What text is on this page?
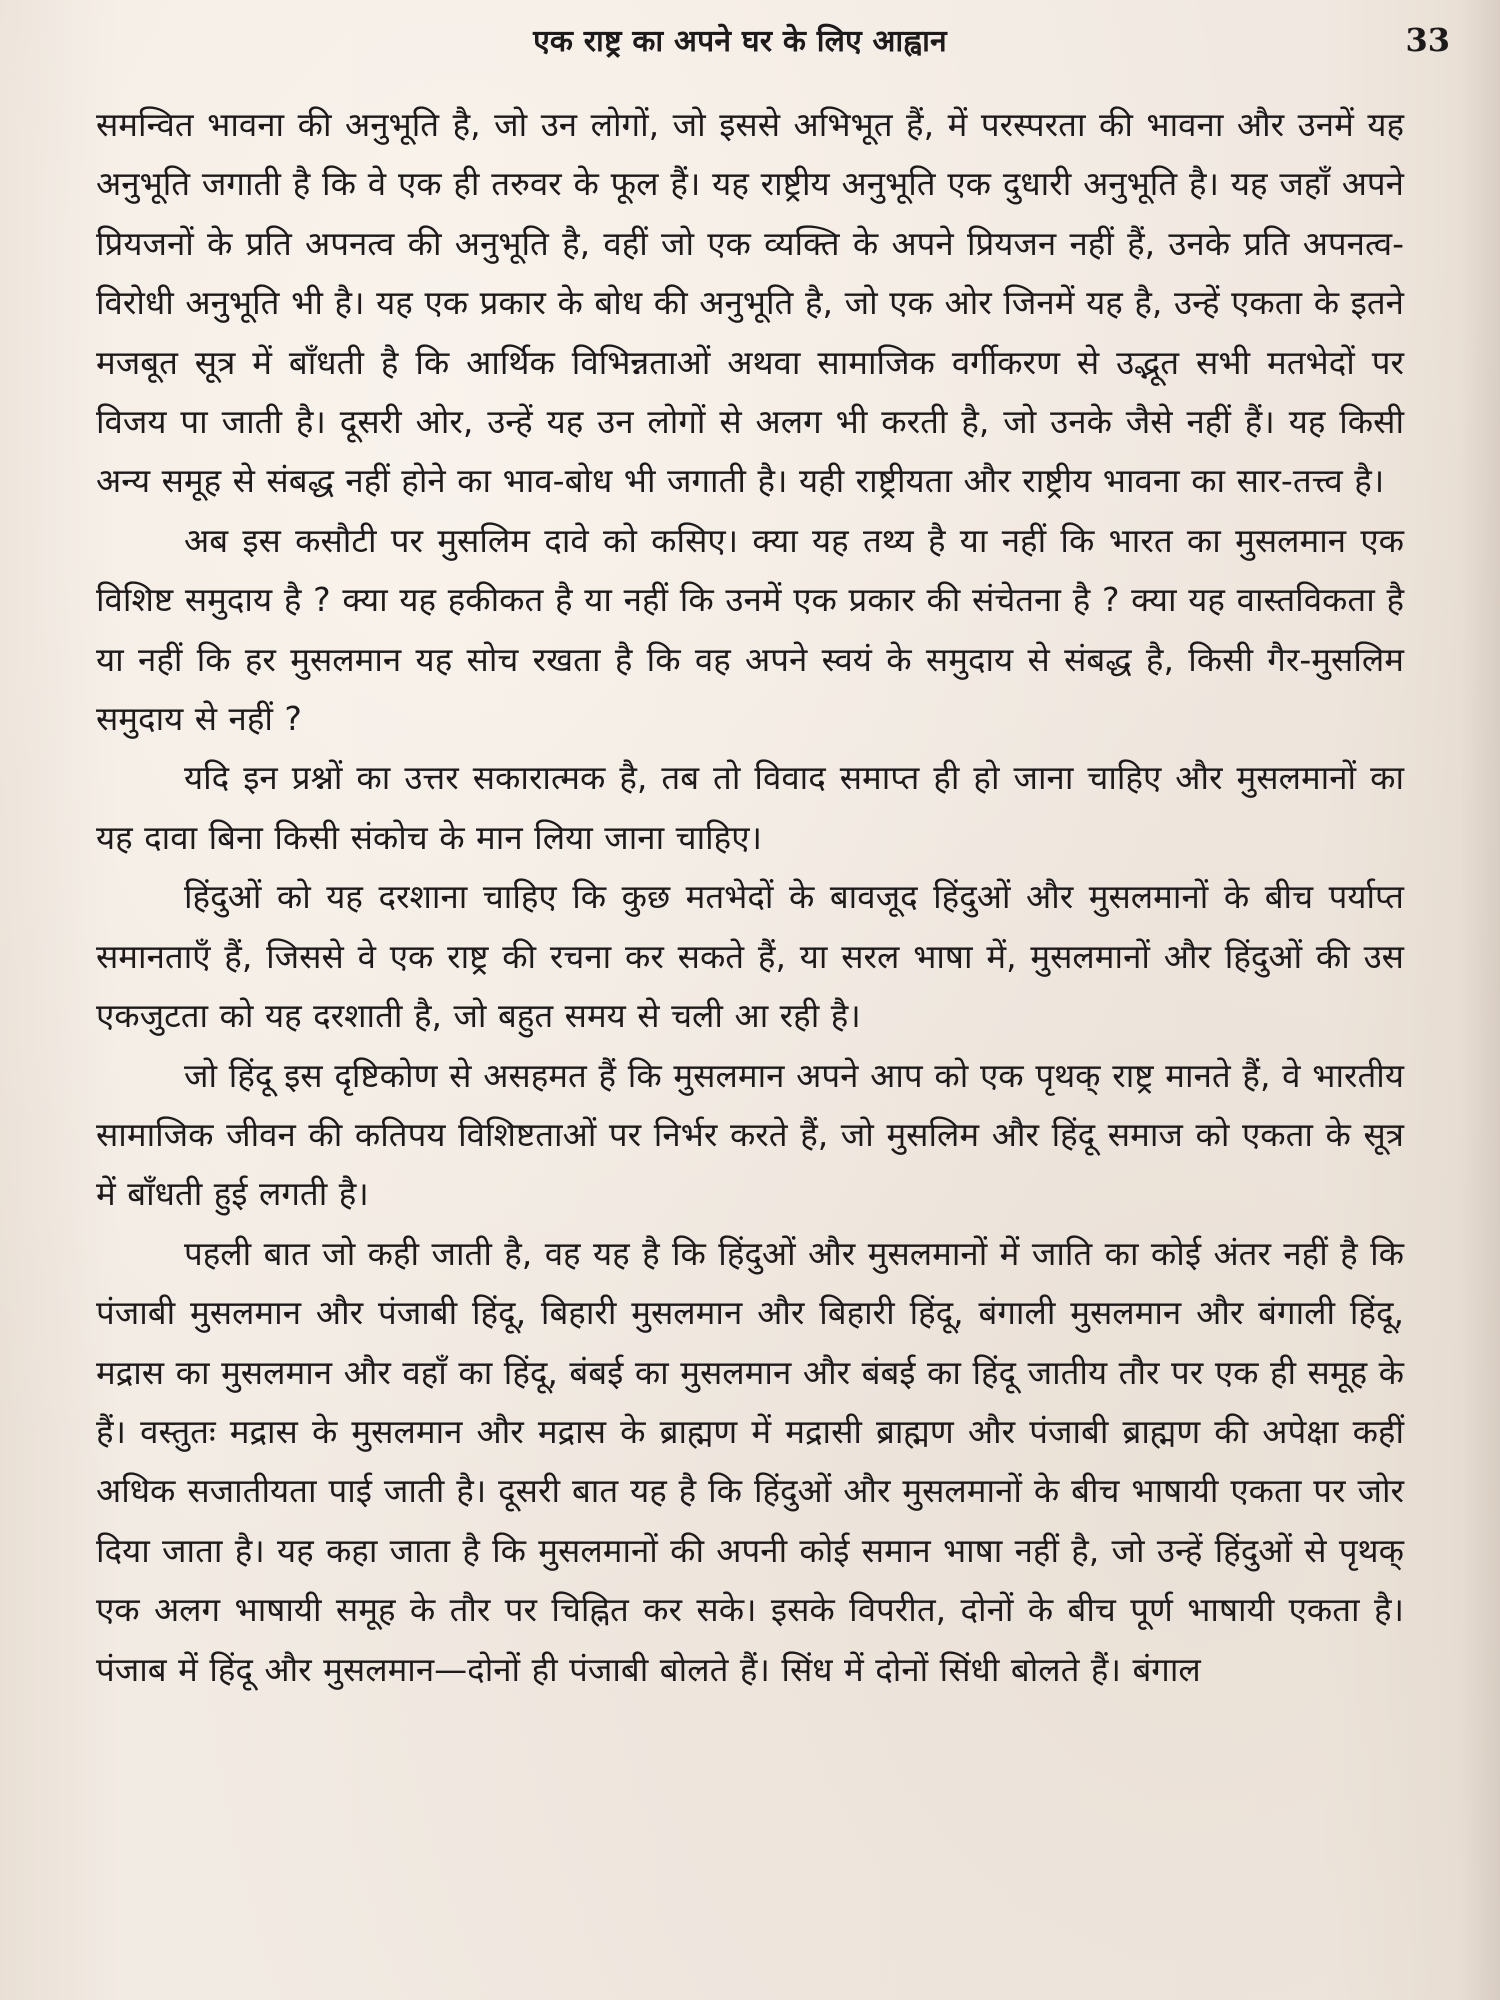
एक राष्ट्र का अपने घर के लिए आह्वान	33

समन्वित भावना की अनुभूति है, जो उन लोगों, जो इससे अभिभूत हैं, में परस्परता की भावना और उनमें यह अनुभूति जगाती है कि वे एक ही तरुवर के फूल हैं। यह राष्ट्रीय अनुभूति एक दुधारी अनुभूति है। यह जहाँ अपने प्रियजनों के प्रति अपनत्व की अनुभूति है, वहीं जो एक व्यक्ति के अपने प्रियजन नहीं हैं, उनके प्रति अपनत्व-विरोधी अनुभूति भी है। यह एक प्रकार के बोध की अनुभूति है, जो एक ओर जिनमें यह है, उन्हें एकता के इतने मजबूत सूत्र में बाँधती है कि आर्थिक विभिन्नताओं अथवा सामाजिक वर्गीकरण से उद्भूत सभी मतभेदों पर विजय पा जाती है। दूसरी ओर, उन्हें यह उन लोगों से अलग भी करती है, जो उनके जैसे नहीं हैं। यह किसी अन्य समूह से संबद्ध नहीं होने का भाव-बोध भी जगाती है। यही राष्ट्रीयता और राष्ट्रीय भावना का सार-तत्त्व है।

अब इस कसौटी पर मुसलिम दावे को कसिए। क्या यह तथ्य है या नहीं कि भारत का मुसलमान एक विशिष्ट समुदाय है ? क्या यह हकीकत है या नहीं कि उनमें एक प्रकार की संचेतना है ? क्या यह वास्तविकता है या नहीं कि हर मुसलमान यह सोच रखता है कि वह अपने स्वयं के समुदाय से संबद्ध है, किसी गैर-मुसलिम समुदाय से नहीं ?

यदि इन प्रश्नों का उत्तर सकारात्मक है, तब तो विवाद समाप्त ही हो जाना चाहिए और मुसलमानों का यह दावा बिना किसी संकोच के मान लिया जाना चाहिए।

हिंदुओं को यह दरशाना चाहिए कि कुछ मतभेदों के बावजूद हिंदुओं और मुसलमानों के बीच पर्याप्त समानताएँ हैं, जिससे वे एक राष्ट्र की रचना कर सकते हैं, या सरल भाषा में, मुसलमानों और हिंदुओं की उस एकजुटता को यह दरशाती है, जो बहुत समय से चली आ रही है।

जो हिंदू इस दृष्टिकोण से असहमत हैं कि मुसलमान अपने आप को एक पृथक् राष्ट्र मानते हैं, वे भारतीय सामाजिक जीवन की कतिपय विशिष्टताओं पर निर्भर करते हैं, जो मुसलिम और हिंदू समाज को एकता के सूत्र में बाँधती हुई लगती है।

पहली बात जो कही जाती है, वह यह है कि हिंदुओं और मुसलमानों में जाति का कोई अंतर नहीं है कि पंजाबी मुसलमान और पंजाबी हिंदू, बिहारी मुसलमान और बिहारी हिंदू, बंगाली मुसलमान और बंगाली हिंदू, मद्रास का मुसलमान और वहाँ का हिंदू, बंबई का मुसलमान और बंबई का हिंदू जातीय तौर पर एक ही समूह के हैं। वस्तुतः मद्रास के मुसलमान और मद्रास के ब्राह्मण में मद्रासी ब्राह्मण और पंजाबी ब्राह्मण की अपेक्षा कहीं अधिक सजातीयता पाई जाती है। दूसरी बात यह है कि हिंदुओं और मुसलमानों के बीच भाषायी एकता पर जोर दिया जाता है। यह कहा जाता है कि मुसलमानों की अपनी कोई समान भाषा नहीं है, जो उन्हें हिंदुओं से पृथक् एक अलग भाषायी समूह के तौर पर चिह्नित कर सके। इसके विपरीत, दोनों के बीच पूर्ण भाषायी एकता है। पंजाब में हिंदू और मुसलमान—दोनों ही पंजाबी बोलते हैं। सिंध में दोनों सिंधी बोलते हैं। बंगाल
